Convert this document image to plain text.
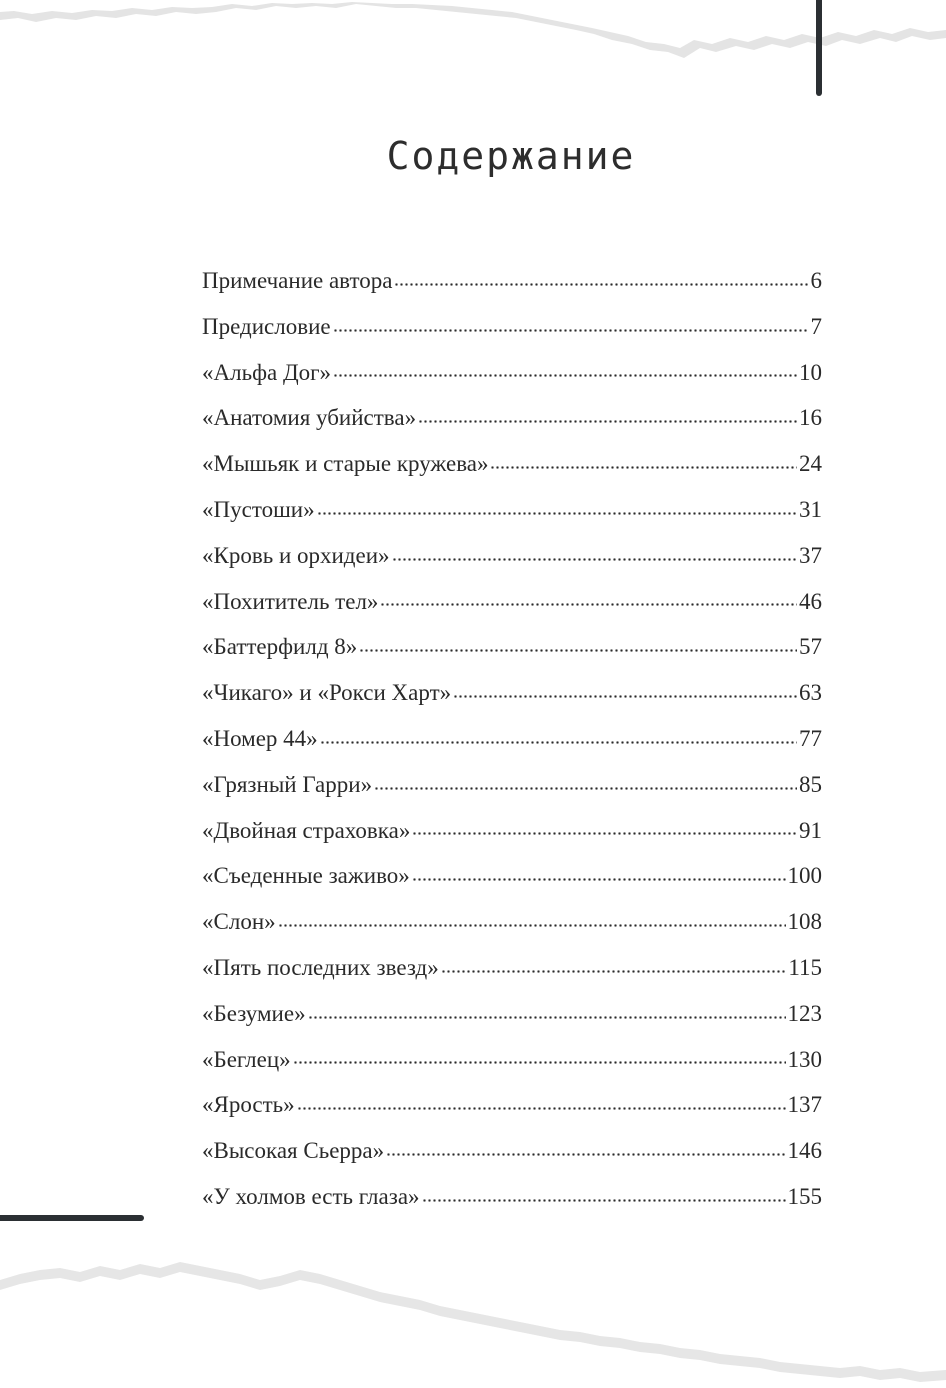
Содержание
Примечание автора	6
Предисловие	7
«Альфа Дог»	10
«Анатомия убийства»	16
«Мышьяк и старые кружева»	24
«Пустоши»	31
«Кровь и орхидеи»	37
«Похититель тел»	46
«Баттерфилд 8»	57
«Чикаго» и «Рокси Харт»	63
«Номер 44»	77
«Грязный Гарри»	85
«Двойная страховка»	91
«Съеденные заживо»	100
«Слон»	108
«Пять последних звезд»	115
«Безумие»	123
«Беглец»	130
«Ярость»	137
«Высокая Сьерра»	146
«У холмов есть глаза»	155
